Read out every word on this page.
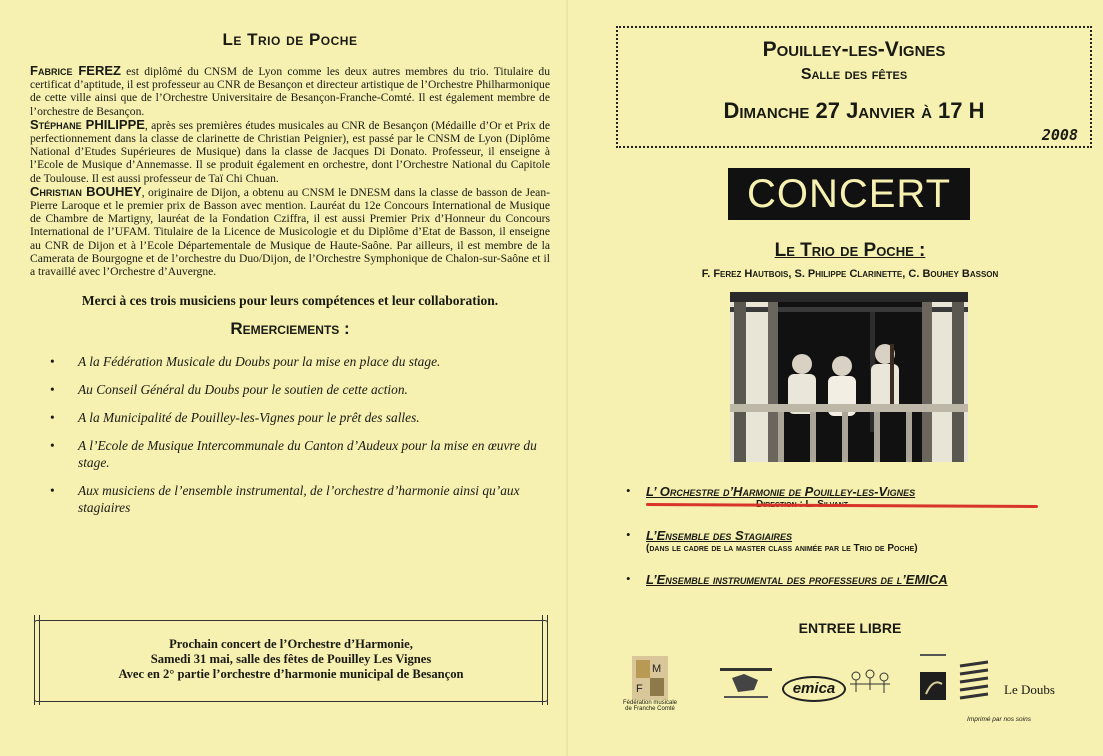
Le Trio de Poche

Fabrice FEREZ est diplômé du CNSM de Lyon comme les deux autres membres du trio. Titulaire du certificat d’aptitude, il est professeur au CNR de Besançon et directeur artistique de l’Orchestre Philharmonique de cette ville ainsi que de l’Orchestre Universitaire de Besançon-Franche-Comté. Il est également membre de l’orchestre de Besançon.

Stéphane PHILIPPE, après ses premières études musicales au CNR de Besançon (Médaille d’Or et Prix de perfectionnement dans la classe de clarinette de Christian Peignier), est passé par le CNSM de Lyon (Diplôme National d’Etudes Supérieures de Musique) dans la classe de Jacques Di Donato. Professeur, il enseigne à l’Ecole de Musique d’Annemasse. Il se produit également en orchestre, dont l’Orchestre National du Capitole de Toulouse. Il est aussi professeur de Taï Chi Chuan.

Christian BOUHEY, originaire de Dijon, a obtenu au CNSM le DNESM dans la classe de basson de Jean-Pierre Laroque et le premier prix de Basson avec mention. Lauréat du 12e Concours International de Musique de Chambre de Martigny, lauréat de la Fondation Cziffra, il est aussi Premier Prix d’Honneur du Concours International de l’UFAM. Titulaire de la Licence de Musicologie et du Diplôme d’Etat de Basson, il enseigne au CNR de Dijon et à l’Ecole Départementale de Musique de Haute-Saône. Par ailleurs, il est membre de la Camerata de Bourgogne et de l’orchestre du Duo/Dijon, de l’Orchestre Symphonique de Chalon-sur-Saône et il a travaillé avec l’Orchestre d’Auvergne.

Merci à ces trois musiciens pour leurs compétences et leur collaboration.
Remerciements :
• A la Fédération Musicale du Doubs pour la mise en place du stage.
• Au Conseil Général du Doubs pour le soutien de cette action.
• A la Municipalité de Pouilley-les-Vignes pour le prêt des salles.
• A l’Ecole de Musique Intercommunale du Canton d’Audeux pour la mise en œuvre du stage.
• Aux musiciens de l’ensemble instrumental, de l’orchestre d’harmonie ainsi qu’aux stagiaires
Prochain concert de l’Orchestre d’Harmonie,
Samedi 31 mai, salle des fêtes de Pouilley Les Vignes
Avec en 2° partie l’orchestre d’harmonie municipal de Besançon
Pouilley-les-Vignes
Salle des fêtes
Dimanche 27 Janvier à 17 H
2008
CONCERT
Le Trio de Poche :
F. Ferez Hautbois, S. Philippe Clarinette, C. Bouhey Basson
• L’ Orchestre d’Harmonie de Pouilley-les-Vignes
• L’Ensemble des Stagiaires
(dans le cadre de la master class animée par le Trio de Poche)
• L’Ensemble instrumental des professeurs de l’EMICA
ENTREE LIBRE
M
F
Fédération musicale de Franche Comté
emica	Le Doubs
Imprimé par nos soins
